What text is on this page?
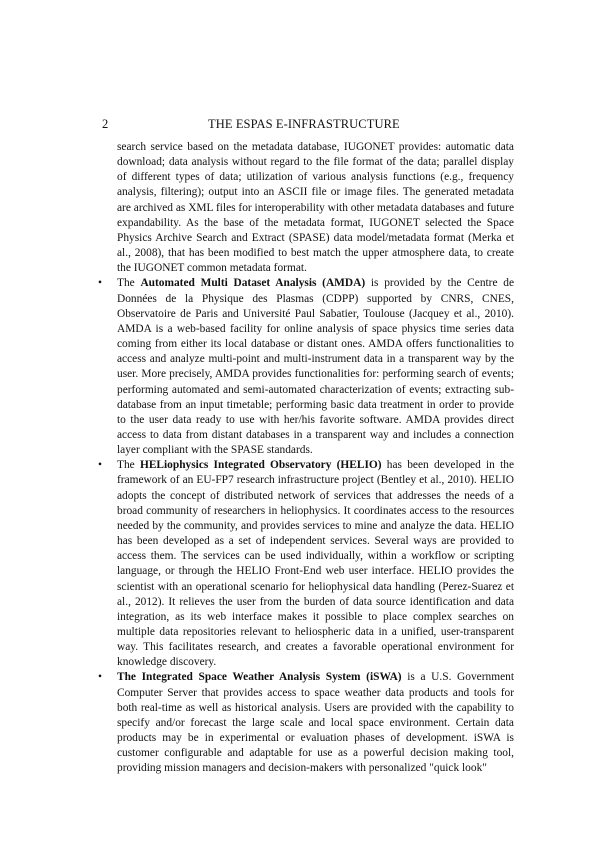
2	THE ESPAS E-INFRASTRUCTURE

search service based on the metadata database, IUGONET provides: automatic data download; data analysis without regard to the file format of the data; parallel display of different types of data; utilization of various analysis functions (e.g., frequency analysis, filtering); output into an ASCII file or image files. The generated metadata are archived as XML files for interoperability with other metadata databases and future expandability. As the base of the metadata format, IUGONET selected the Space Physics Archive Search and Extract (SPASE) data model/metadata format (Merka et al., 2008), that has been modified to best match the upper atmosphere data, to create the IUGONET common metadata format.

• The Automated Multi Dataset Analysis (AMDA) is provided by the Centre de Données de la Physique des Plasmas (CDPP) supported by CNRS, CNES, Observatoire de Paris and Université Paul Sabatier, Toulouse (Jacquey et al., 2010). AMDA is a web-based facility for online analysis of space physics time series data coming from either its local database or distant ones. AMDA offers functionalities to access and analyze multi-point and multi-instrument data in a transparent way by the user. More precisely, AMDA provides functionalities for: performing search of events; performing automated and semi-automated characterization of events; extracting sub-database from an input timetable; performing basic data treatment in order to provide to the user data ready to use with her/his favorite software. AMDA provides direct access to data from distant databases in a transparent way and includes a connection layer compliant with the SPASE standards.

• The HELiophysics Integrated Observatory (HELIO) has been developed in the framework of an EU-FP7 research infrastructure project (Bentley et al., 2010). HELIO adopts the concept of distributed network of services that addresses the needs of a broad community of researchers in heliophysics. It coordinates access to the resources needed by the community, and provides services to mine and analyze the data. HELIO has been developed as a set of independent services. Several ways are provided to access them. The services can be used individually, within a workflow or scripting language, or through the HELIO Front-End web user interface. HELIO provides the scientist with an operational scenario for heliophysical data handling (Perez-Suarez et al., 2012). It relieves the user from the burden of data source identification and data integration, as its web interface makes it possible to place complex searches on multiple data repositories relevant to heliospheric data in a unified, user-transparent way. This facilitates research, and creates a favorable operational environment for knowledge discovery.

• The Integrated Space Weather Analysis System (iSWA) is a U.S. Government Computer Server that provides access to space weather data products and tools for both real-time as well as historical analysis. Users are provided with the capability to specify and/or forecast the large scale and local space environment. Certain data products may be in experimental or evaluation phases of development. iSWA is customer configurable and adaptable for use as a powerful decision making tool, providing mission managers and decision-makers with personalized "quick look"
